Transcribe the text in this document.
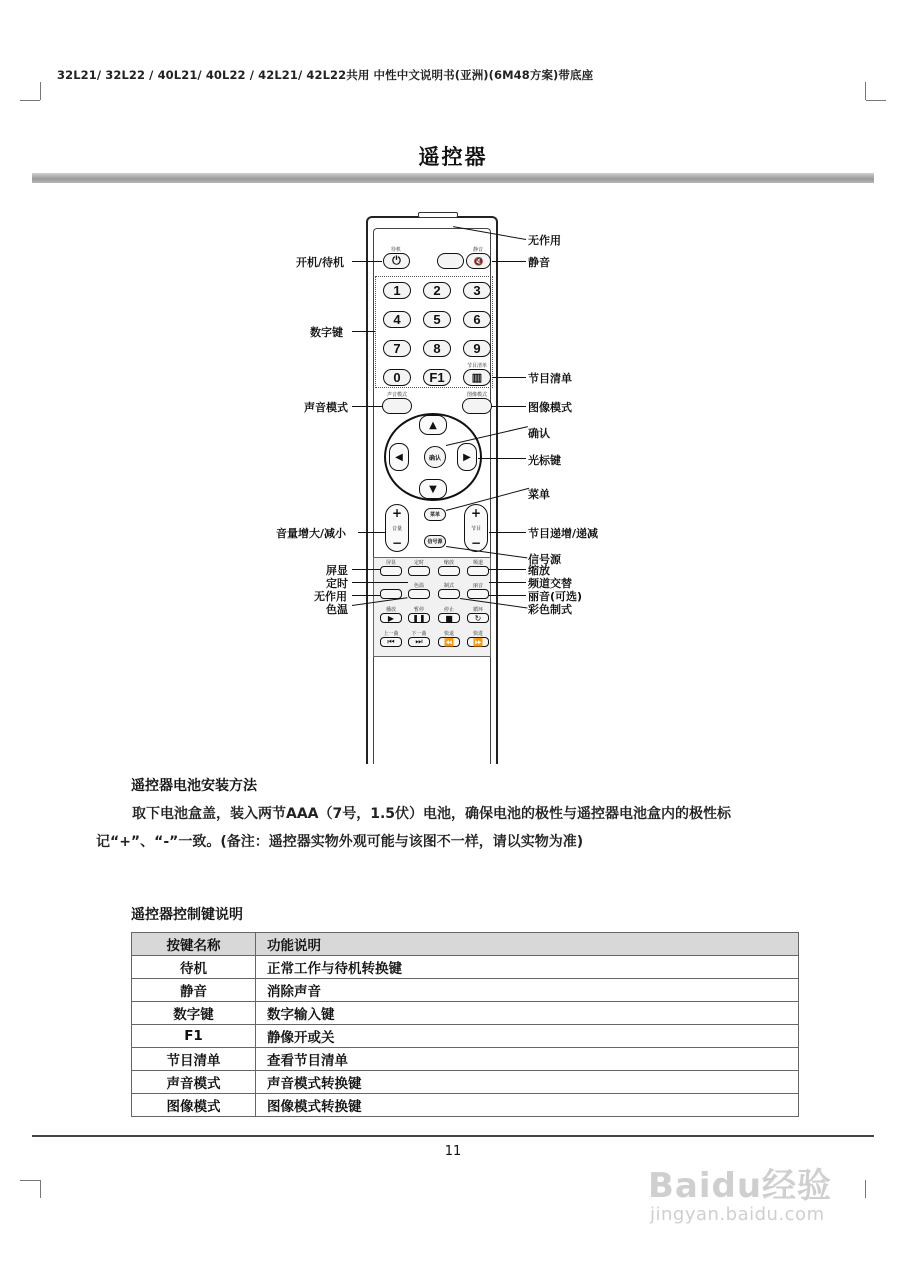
32L21/ 32L22 / 40L21/ 40L22 / 42L21/ 42L22共用 中性中文说明书(亚洲)(6M48方案)带底座
遥控器
待机
⏻
静音
🔇
1	2	3
4	5	6
7	8	9
0	F1
节目清单
▥
声音模式	图像模式
▲
▼
◀	▶
确认
+
音量
−
+
节目
−
菜单
信号源
屏显	定时	缩放	频道
色温	制式	丽音
播放	暂停	停止	循环
▶	❚❚	■	↻
上一曲	下一曲	快退	快进
⏮	⏭	⏪	⏩
无作用
开机/待机	静音
数字键
节目清单
声音模式	图像模式
确认
光标键
菜单
音量增大/减小	节目递增/递减
信号源
屏显	缩放
定时	频道交替
无作用	丽音(可选)
色温	彩色制式
遥控器电池安装方法
取下电池盒盖，装入两节AAA（7号，1.5伏）电池，确保电池的极性与遥控器电池盒内的极性标记“+”、“-”一致。(备注：遥控器实物外观可能与该图不一样，请以实物为准)
遥控器控制键说明
按键名称	功能说明
待机	正常工作与待机转换键
静音	消除声音
数字键	数字输入键
F1	静像开或关
节目清单	查看节目清单
声音模式	声音模式转换键
图像模式	图像模式转换键
11
Baidu经验
jingyan.baidu.com
